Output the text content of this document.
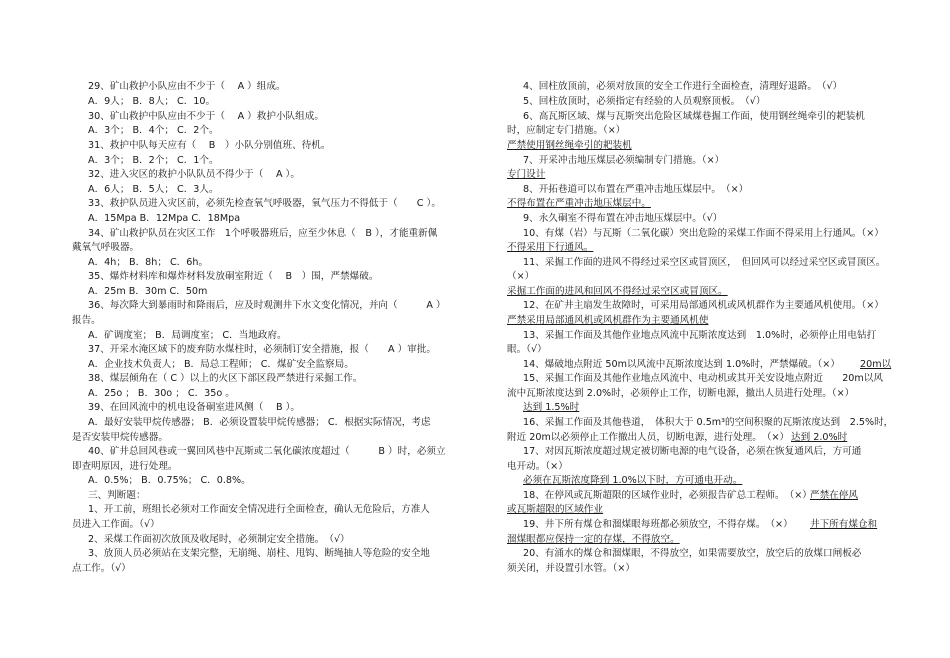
29、矿山救护小队应由不少于（　 A ）组成。
A．9人； B．8人； C．10。
30、矿山救护中队应由不少于（　 A ）救护小队组成。
A．3个； B．4个； C．2个。
31、救护中队每天应有（　 B　）小队分别值班、待机。
A．3个； B．2个； C．1个。
32、进入灾区的救护小队队员不得少于（　 A ）。
A．6人； B．5人； C．3人。
33、救护队员进入灾区前，必须先检查氧气呼吸器，氧气压力不得低于（　　C ）。
A．15Mpa B．12Mpa C．18Mpa
34、矿山救护队员在灾区工作　1个呼吸器班后，应至少休息（　B ），才能重新佩
戴氧气呼吸器。
A．4h； B．8h； C．6h。
35、爆炸材料库和爆炸材料发放硐室附近（　 B　）围，严禁爆破。
A．25m B．30m C．50m
36、每次降大到暴雨时和降雨后，应及时观测井下水文变化情况，并向（　　　A ）
报告。
A．矿调度室； B．局调度室； C．当地政府。
37、开采水淹区域下的废弃防水煤柱时，必须制订安全措施，报（　　A ）审批。
A．企业技术负责人； B．局总工程师； C．煤矿安全监察局。
38、煤层倾角在（ C ）以上的火区下部区段严禁进行采掘工作。
A．25o ； B．30o ； C．35o 。
39、在回风流中的机电设备硐室进风侧（　 B ）。
A．最好安装甲烷传感器； B．必须设置装甲烷传感器； C．根据实际情况，考虑
是否安装甲烷传感器。
40、矿井总回风巷或一翼回风巷中瓦斯或二氧化碳浓度超过（　　　B ）时，必须立
即查明原因，进行处理。
A．0.5%； B．0.75%； C．0.8%。
三、判断题：
1、开工前，班组长必须对工作面安全情况进行全面检查，确认无危险后，方准人
员进入工作面。（√）
2、采煤工作面初次放顶及收尾时，必须制定安全措施。　（√）
3、放顶人员必须站在支架完整，无崩绳、崩柱、甩钩、断绳抽人等危险的安全地
点工作。（√）
4、回柱放顶前，必须对放顶的安全工作进行全面检查，清理好退路。　（√）
5、回柱放顶时，必须指定有经验的人员观察顶板。　（√）
6、高瓦斯区域、煤与瓦斯突出危险区域煤巷掘工作面，使用钢丝绳牵引的耙装机
时，应制定专门措施。（×）
严禁使用钢丝绳牵引的耙装机
7、开采冲击地压煤层必须编制专门措施。（×）
专门设计
8、开拓巷道可以布置在严重冲击地压煤层中。　（×）
不得布置在严重冲击地压煤层中。
9、永久硐室不得布置在冲击地压煤层中。（√）
10、有煤（岩）与瓦斯（二氧化碳）突出危险的采煤工作面不得采用上行通风。（×）
不得采用下行通风。
11、采掘工作面的进风不得经过采空区或冒顶区，　但回风可以经过采空区或冒顶区。
（×）
采掘工作面的进风和回风不得经过采空区或冒顶区。
12、在矿井主扇发生故障时，可采用局部通风机或风机群作为主要通风机使用。（×）
严禁采用局部通风机或风机群作为主要通风机使
13、采掘工作面及其他作业地点风流中瓦斯浓度达到　1.0%时，必须停止用电钻打
眼。（√）
14、爆破地点附近 50m以风流中瓦斯浓度达到 1.0%时，严禁爆破。（×） 20m以
15、采掘工作面及其他作业地点风流中、电动机或其开关安设地点附近　　20m以风
流中瓦斯浓度达到 2.0%时，必须停止工作，切断电源，撤出人员进行处理。（×）
达到 1.5%时
16、采掘工作面及其他巷道，　体积大于 0.5m³的空间积聚的瓦斯浓度达到　2.5%时，
附近 20m以必须停止工作撤出人员，切断电源，进行处理。　（×） 达到 2.0%时
17、对因瓦斯浓度超过规定被切断电源的电气设备，必须在恢复通风后，方可通
电开动。（×）
必须在瓦斯浓度降到 1.0%以下时，方可通电开动。
18、在停风或瓦斯超限的区域作业时，必须报告矿总工程师。　（×）
严禁在停风
或瓦斯超限的区域作业
19、井下所有煤仓和溜煤眼每班都必须放空，不得存煤。　（×） 井下所有煤仓和
溜煤眼都应保持一定的存煤，不得放空。
20、有涌水的煤仓和溜煤眼，不得放空，如果需要放空，放空后的放煤口闸板必
须关闭，并设置引水管。（×）
